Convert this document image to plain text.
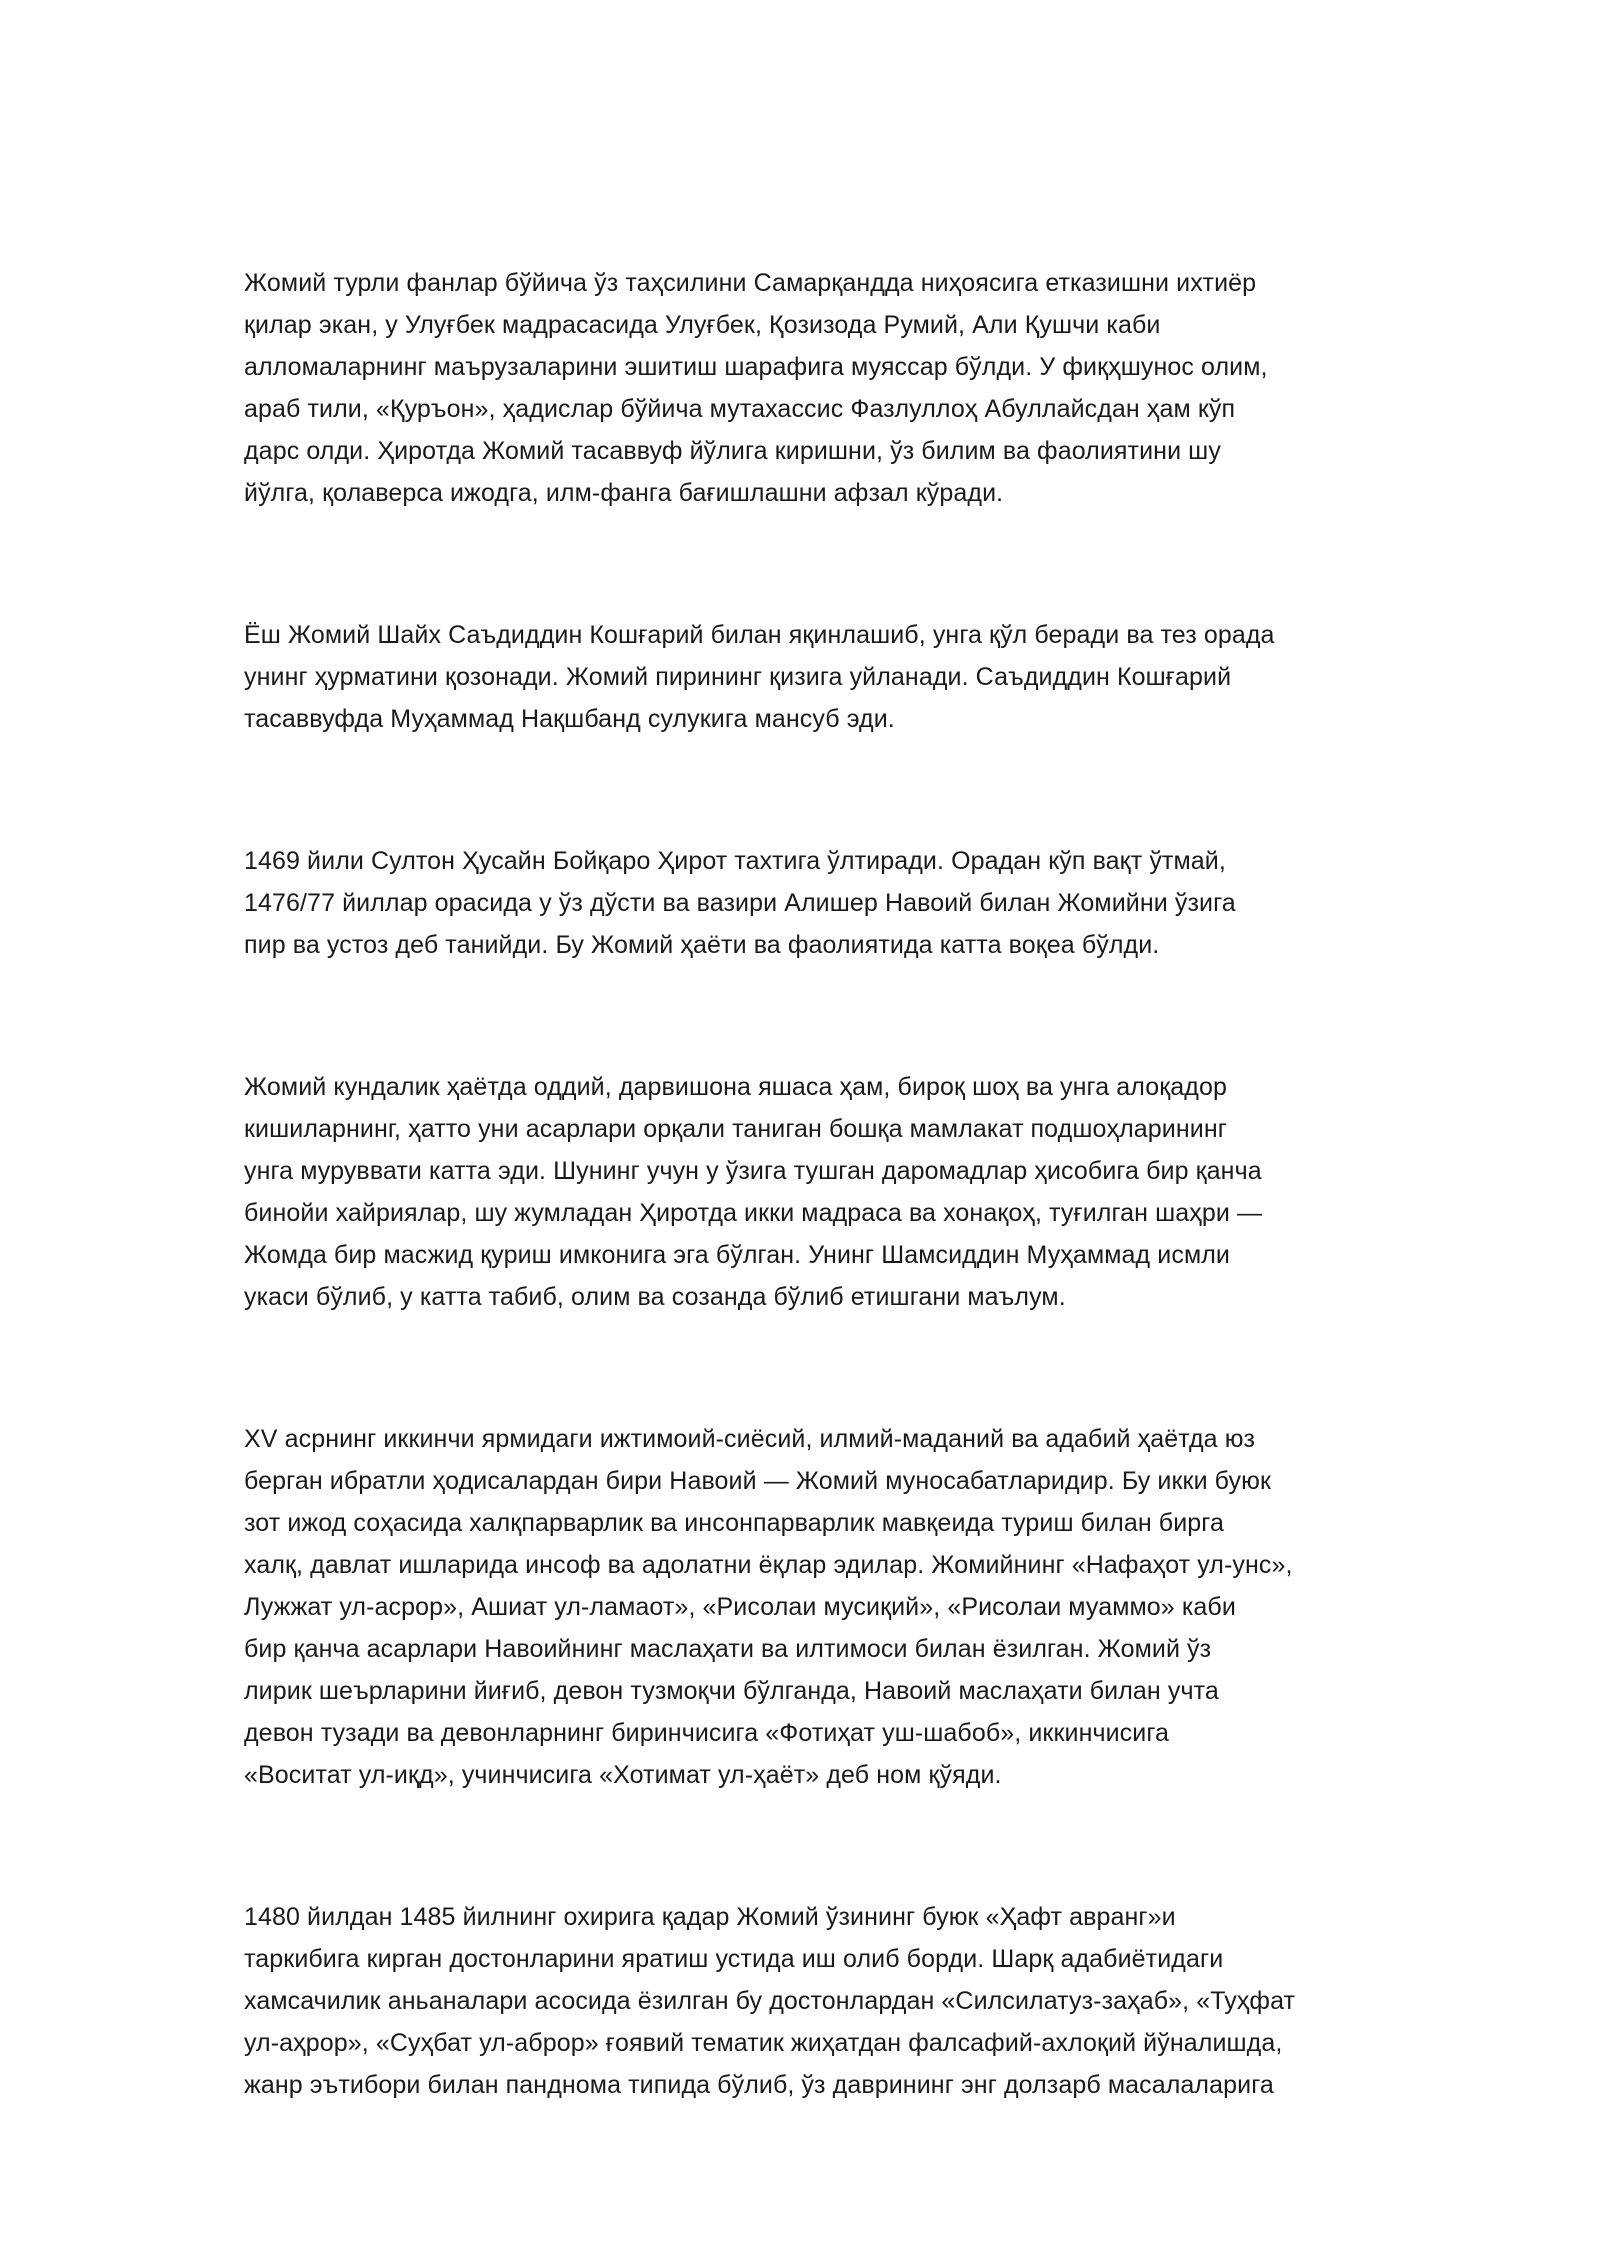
Жомий турли фанлар бўйича ўз таҳсилини Самарқандда ниҳоясига етказишни ихтиёр
қилар экан, у Улуғбек мадрасасида Улуғбек, Қозизода Румий, Али Қушчи каби
алломаларнинг маърузаларини эшитиш шарафига муяссар бўлди. У фиқҳшунос олим,
араб тили, «Қуръон», ҳадислар бўйича мутахассис Фазлуллоҳ Абуллайсдан ҳам кўп
дарс олди. Ҳиротда Жомий тасаввуф йўлига киришни, ўз билим ва фаолиятини шу
йўлга, қолаверса ижодга, илм-фанга бағишлашни афзал кўради.

Ёш Жомий Шайх Саъдиддин Кошғарий билан яқинлашиб, унга қўл беради ва тез орада
унинг ҳурматини қозонади. Жомий пирининг қизига уйланади. Саъдиддин Кошғарий
тасаввуфда Муҳаммад Нақшбанд сулукига мансуб эди.

1469 йили Султон Ҳусайн Бойқаро Ҳирот тахтига ўлтиради. Орадан кўп вақт ўтмай,
1476/77 йиллар орасида у ўз дўсти ва вазири Алишер Навоий билан Жомийни ўзига
пир ва устоз деб танийди. Бу Жомий ҳаёти ва фаолиятида катта воқеа бўлди.

Жомий кундалик ҳаётда оддий, дарвишона яшаса ҳам, бироқ шоҳ ва унга алоқадор
кишиларнинг, ҳатто уни асарлари орқали таниган бошқа мамлакат подшоҳларининг
унга муруввати катта эди. Шунинг учун у ўзига тушган даромадлар ҳисобига бир қанча
бинойи хайриялар, шу жумладан Ҳиротда икки мадраса ва хонақоҳ, туғилган шаҳри —
Жомда бир масжид қуриш имконига эга бўлган. Унинг Шамсиддин Муҳаммад исмли
укаси бўлиб, у катта табиб, олим ва созанда бўлиб етишгани маълум.

XV асрнинг иккинчи ярмидаги ижтимоий-сиёсий, илмий-маданий ва адабий ҳаётда юз
берган ибратли ҳодисалардан бири Навоий — Жомий муносабатларидир. Бу икки буюк
зот ижод соҳасида халқпарварлик ва инсонпарварлик мавқеида туриш билан бирга
халқ, давлат ишларида инсоф ва адолатни ёқлар эдилар. Жомийнинг «Нафаҳот ул-унс»,
Лужжат ул-асрор», Ашиат ул-ламаот», «Рисолаи мусиқий», «Рисолаи муаммо» каби
бир қанча асарлари Навоийнинг маслаҳати ва илтимоси билан ёзилган. Жомий ўз
лирик шеърларини йиғиб, девон тузмоқчи бўлганда, Навоий маслаҳати билан учта
девон тузади ва девонларнинг биринчисига «Фотиҳат уш-шабоб», иккинчисига
«Воситат ул-иқд», учинчисига «Хотимат ул-ҳаёт» деб ном қўяди.

1480 йилдан 1485 йилнинг охирига қадар Жомий ўзининг буюк «Ҳафт авранг»и
таркибига кирган достонларини яратиш устида иш олиб борди. Шарқ адабиётидаги
хамсачилик аньаналари асосида ёзилган бу достонлардан «Силсилатуз-заҳаб», «Туҳфат
ул-аҳрор», «Суҳбат ул-аброр» ғоявий тематик жиҳатдан фалсафий-ахлоқий йўналишда,
жанр эътибори билан панднома типида бўлиб, ўз даврининг энг долзарб масалаларига
